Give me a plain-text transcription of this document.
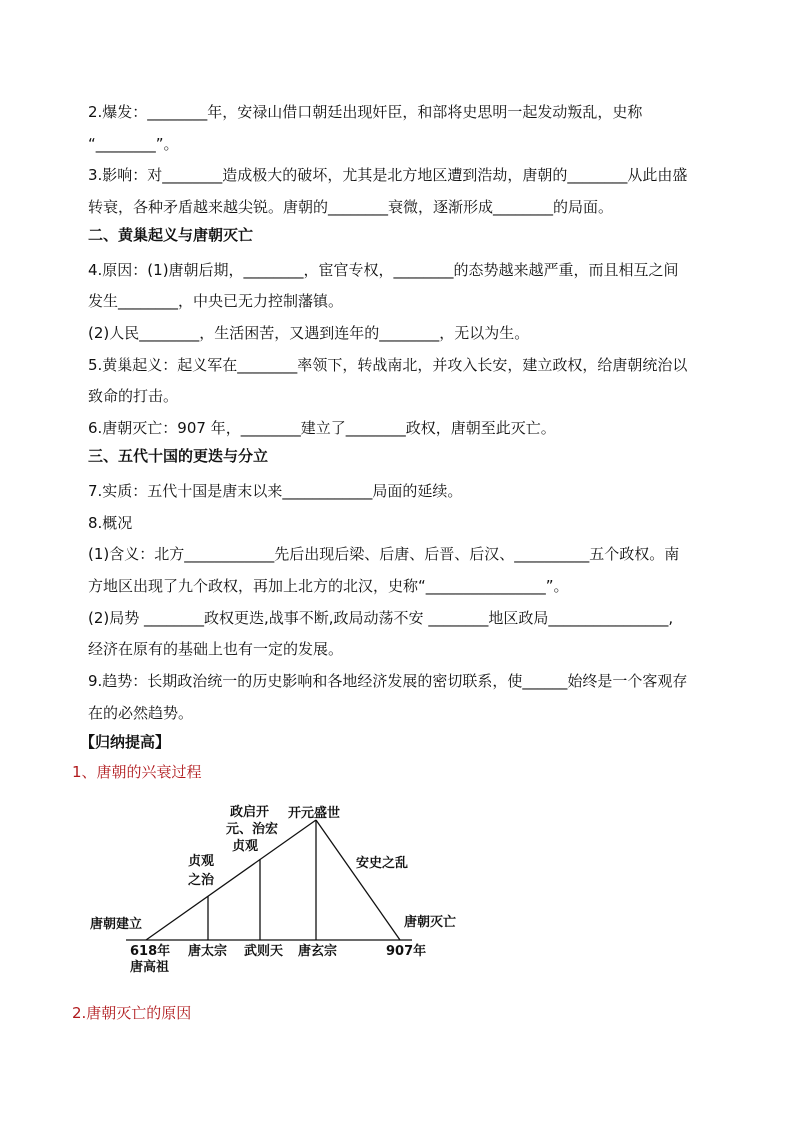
2.爆发：________年，安禄山借口朝廷出现奸臣，和部将史思明一起发动叛乱，史称
“________”。
3.影响：对________造成极大的破坏，尤其是北方地区遭到浩劫，唐朝的________从此由盛
转衰，各种矛盾越来越尖锐。唐朝的________衰微，逐渐形成________的局面。
二、黄巢起义与唐朝灭亡
4.原因：(1)唐朝后期，________，宦官专权，________的态势越来越严重，而且相互之间
发生________，中央已无力控制藩镇。
(2)人民________，生活困苦，又遇到连年的________，无以为生。
5.黄巢起义：起义军在________率领下，转战南北，并攻入长安，建立政权，给唐朝统治以
致命的打击。
6.唐朝灭亡：907 年，________建立了________政权，唐朝至此灭亡。
三、五代十国的更迭与分立
7.实质：五代十国是唐末以来____________局面的延续。
8.概况
(1)含义：北方____________先后出现后梁、后唐、后晋、后汉、__________五个政权。南
方地区出现了九个政权，再加上北方的北汉，史称“________________”。
(2)局势 ________政权更迭,战事不断,政局动荡不安 ________地区政局________________,
经济在原有的基础上也有一定的发展。
9.趋势：长期政治统一的历史影响和各地经济发展的密切联系，使______始终是一个客观存
在的必然趋势。
【归纳提高】
1、唐朝的兴衰过程
唐朝建立	唐朝灭亡
开元盛世
政启开
元、治宏
贞观
贞观
之治
安史之乱
618年
唐高祖
唐太宗 武则天 唐玄宗	907年
2.唐朝灭亡的原因
